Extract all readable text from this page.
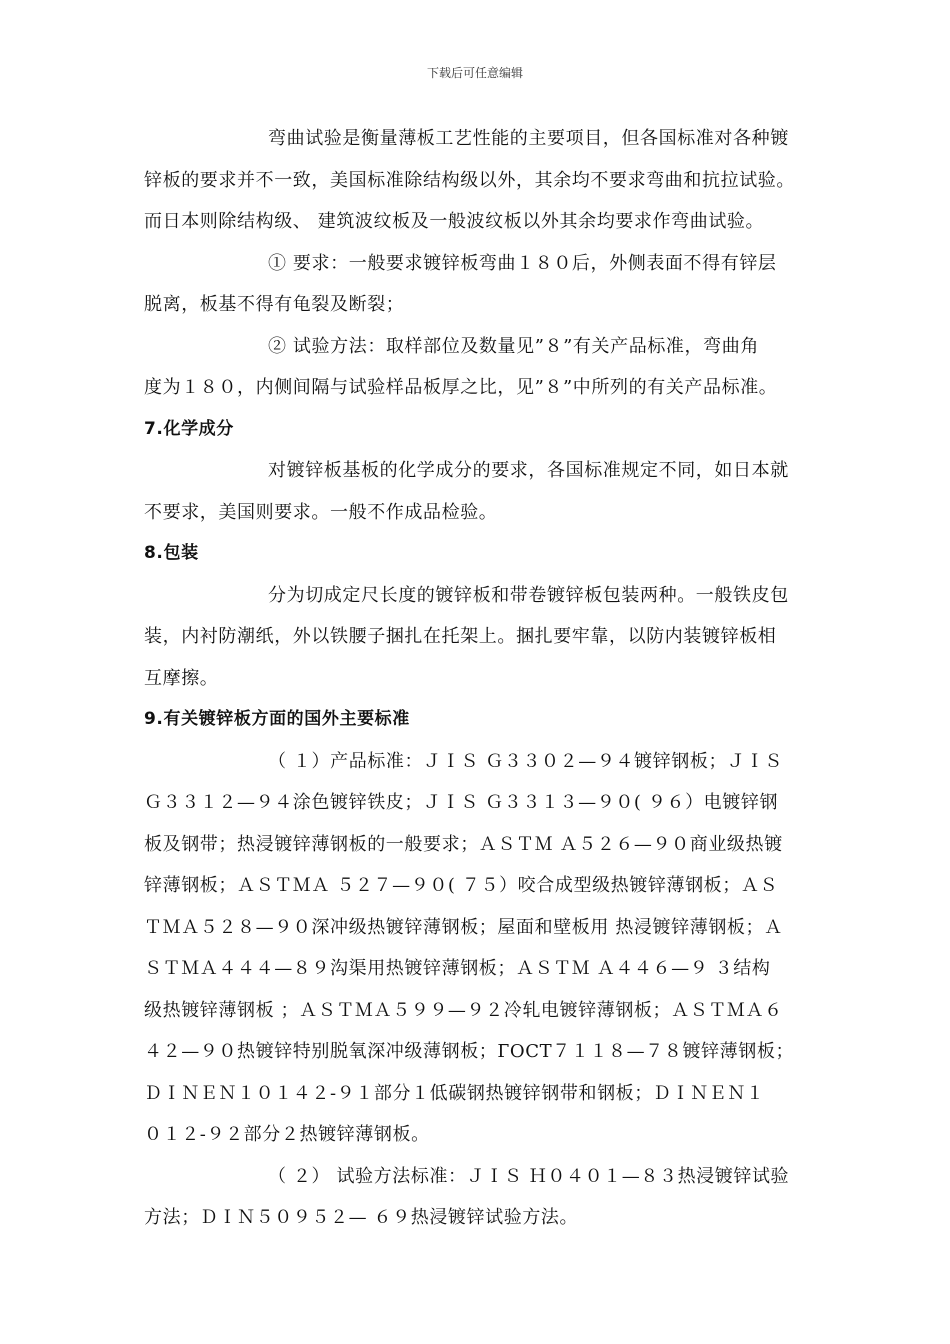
下载后可任意编辑
弯曲试验是衡量薄板工艺性能的主要项目，但各国标准对各种镀
锌板的要求并不一致，美国标准除结构级以外，其余均不要求弯曲和抗拉试验。
而日本则除结构级、 建筑波纹板及一般波纹板以外其余均要求作弯曲试验。
① 要求：一般要求镀锌板弯曲１８０后，外侧表面不得有锌层
脱离，板基不得有龟裂及断裂；
② 试验方法：取样部位及数量见”８”有关产品标准，弯曲角
度为１８０，内侧间隔与试验样品板厚之比，见”８”中所列的有关产品标准。
7.化学成分
对镀锌板基板的化学成分的要求，各国标准规定不同，如日本就
不要求，美国则要求。一般不作成品检验。
8.包装
分为切成定尺长度的镀锌板和带卷镀锌板包装两种。一般铁皮包
装，内衬防潮纸，外以铁腰子捆扎在托架上。捆扎要牢靠，以防内装镀锌板相
互摩擦。
9.有关镀锌板方面的国外主要标准
（ １）产品标准：ＪＩＳ Ｇ３３０２—９４镀锌钢板；ＪＩＳ
Ｇ３３１２—９４涂色镀锌铁皮；ＪＩＳ Ｇ３３１３—９０( ９６）电镀锌钢
板及钢带；热浸镀锌薄钢板的一般要求；ＡＳＴＭ Ａ５２６—９０商业级热镀
锌薄钢板；ＡＳＴＭＡ ５２７—９０( ７５）咬合成型级热镀锌薄钢板；ＡＳ
ＴＭＡ５２８—９０深冲级热镀锌薄钢板；屋面和壁板用 热浸镀锌薄钢板；Ａ
ＳＴＭＡ４４４—８９沟渠用热镀锌薄钢板；ＡＳＴＭ Ａ４４６—９ ３结构
级热镀锌薄钢板 ；ＡＳＴＭＡ５９９—９２冷轧电镀锌薄钢板；ＡＳＴＭＡ６
４２—９０热镀锌特别脱氧深冲级薄钢板；ГОСТ７１１８—７８镀锌薄钢板；
ＤＩＮＥＮ１０１４２-９１部分１低碳钢热镀锌钢带和钢板；ＤＩＮＥＮ１
０１２-９２部分２热镀锌薄钢板。
（ ２） 试验方法标准：ＪＩＳ Ｈ０４０１—８３热浸镀锌试验
方法；ＤＩＮ５０９５２— ６９热浸镀锌试验方法。
